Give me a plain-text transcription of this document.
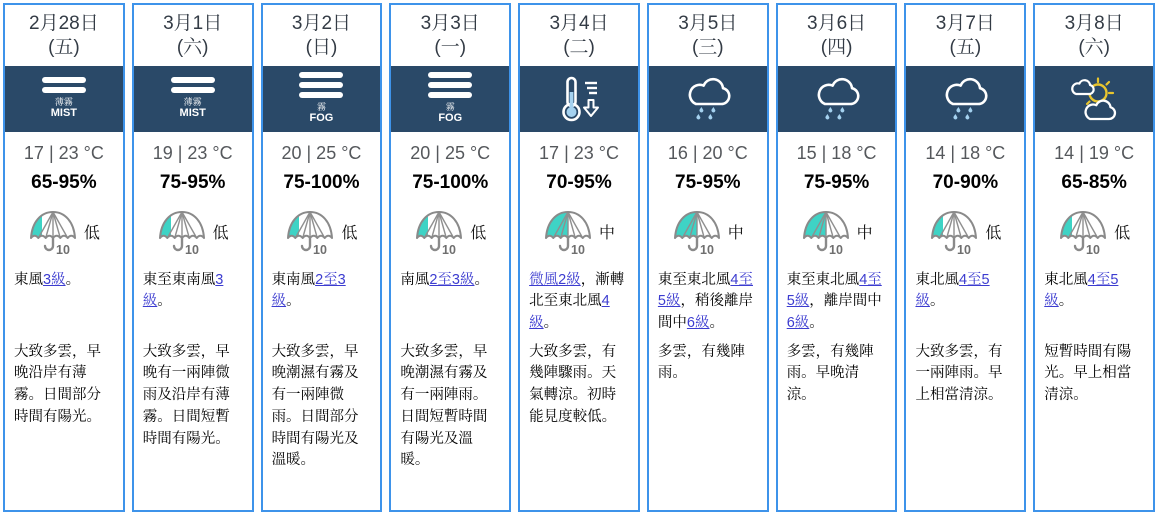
2月28日
(五)
薄霧
MIST
17 | 23 °C
65-95%
10
低
東風3級。
大致多雲，早晚沿岸有薄霧。日間部分時間有陽光。
3月1日
(六)
薄霧
MIST
19 | 23 °C
75-95%
10
低
東至東南風3級。
大致多雲，早晚有一兩陣微雨及沿岸有薄霧。日間短暫時間有陽光。
3月2日
(日)
霧
FOG
20 | 25 °C
75-100%
10
低
東南風2至3級。
大致多雲，早晚潮濕有霧及有一兩陣微雨。日間部分時間有陽光及溫暖。
3月3日
(一)
霧
FOG
20 | 25 °C
75-100%
10
低
南風2至3級。
大致多雲，早晚潮濕有霧及有一兩陣雨。日間短暫時間有陽光及溫暖。
3月4日
(二)
17 | 23 °C
70-95%
10
中
微風2級，漸轉北至東北風4級。
大致多雲，有幾陣驟雨。天氣轉涼。初時能見度較低。
3月5日
(三)
16 | 20 °C
75-95%
10
中
東至東北風4至5級，稍後離岸間中6級。
多雲，有幾陣雨。
3月6日
(四)
15 | 18 °C
75-95%
10
中
東至東北風4至5級，離岸間中6級。
多雲，有幾陣雨。早晚清涼。
3月7日
(五)
14 | 18 °C
70-90%
10
低
東北風4至5級。
大致多雲，有一兩陣雨。早上相當清涼。
3月8日
(六)
14 | 19 °C
65-85%
10
低
東北風4至5級。
短暫時間有陽光。早上相當清涼。
